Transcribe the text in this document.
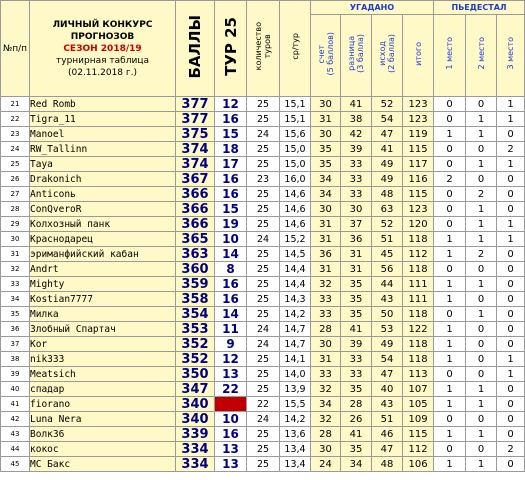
№п/п	ЛИЧНЫЙ КОНКУРС
ПРОГНОЗОВ
СЕЗОН 2018/19
турнирная таблица
(02.11.2018 г.)	БАЛЛЫ	ТУР 25	количество
туров	ср/тур	УГАДАНО				ПЬЕДЕСТАЛ		
						счет
(5 баллов)	разница
(3 балла)	исход
(2 балла)	итого	1 место	2 место	3 место
21	Red Romb	377	12	25	15,1	30	41	52	123	0	0	1
22	Tigra_11	377	16	25	15,1	31	38	54	123	0	1	1
23	Manoel	375	15	24	15,6	30	42	47	119	1	1	0
24	RW_Tallinn	374	18	25	15,0	35	39	41	115	0	0	2
25	Taya	374	17	25	15,0	35	33	49	117	0	1	1
26	Drakonich	367	16	23	16,0	34	33	49	116	2	0	0
27	Anticonь	366	16	25	14,6	34	33	48	115	0	2	0
28	ConQveroR	366	15	25	14,6	30	30	63	123	0	1	0
29	Колхозный панк	366	19	25	14,6	31	37	52	120	0	1	1
30	Краснодарец	365	10	24	15,2	31	36	51	118	1	1	1
31	эриманфийский кабан	363	14	25	14,5	36	31	45	112	1	2	0
32	Andrt	360	8	25	14,4	31	31	56	118	0	0	0
33	Mighty	359	16	25	14,4	32	35	44	111	1	1	0
34	Kostian7777	358	16	25	14,3	33	35	43	111	1	0	0
35	Милка	354	14	25	14,2	33	35	50	118	0	1	0
36	Злобный Спартач	353	11	24	14,7	28	41	53	122	1	0	0
37	Kor	352	9	24	14,7	30	39	49	118	1	0	0
38	nik333	352	12	25	14,1	31	33	54	118	1	0	1
39	Meatsich	350	13	25	14,0	33	33	47	113	0	0	1
40	спадар	347	22	25	13,9	32	35	40	107	1	1	0
41	fiorano	340		22	15,5	34	28	43	105	1	1	0
42	Luna Nera	340	10	24	14,2	32	26	51	109	0	0	0
43	Волк36	339	16	25	13,6	28	41	46	115	1	1	0
44	кокос	334	13	25	13,4	30	35	47	112	0	0	2
45	МС Бакс	334	13	25	13,4	24	34	48	106	1	1	0
